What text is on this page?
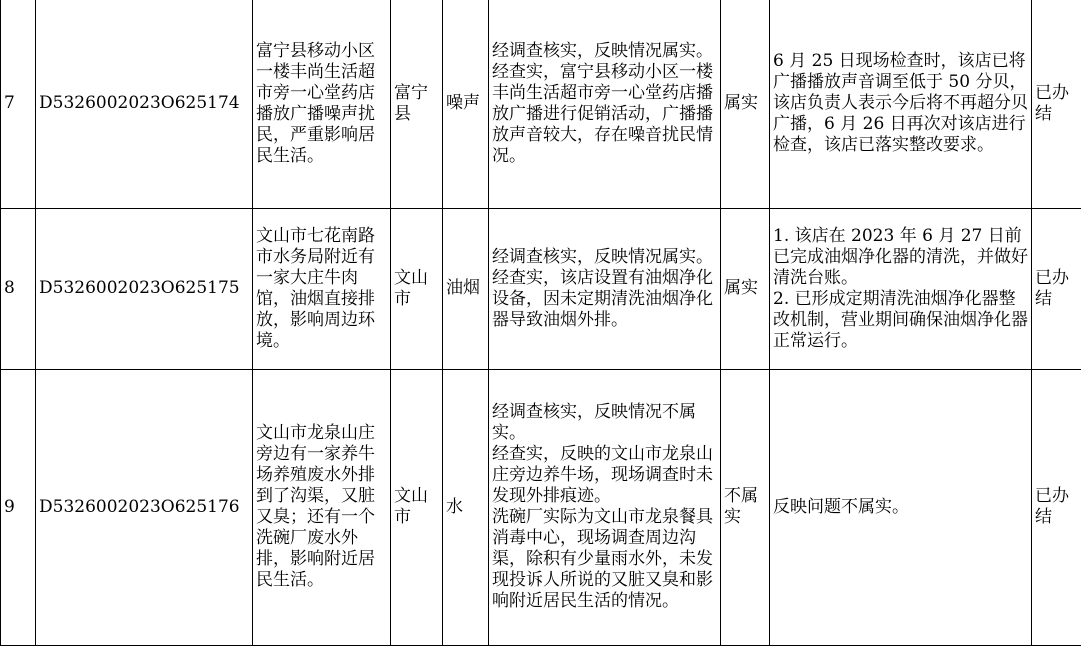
7	D5326002023O625174	富宁县移动小区一楼丰尚生活超市旁一心堂药店播放广播噪声扰民，严重影响居民生活。	富宁县	噪声	经调查核实，反映情况属实。
经查实，富宁县移动小区一楼丰尚生活超市旁一心堂药店播放广播进行促销活动，广播播放声音较大，存在噪音扰民情况。	属实	6 月 25 日现场检查时，该店已将广播播放声音调至低于 50 分贝，该店负责人表示今后将不再超分贝广播，6 月 26 日再次对该店进行检查，该店已落实整改要求。	已办结
8	D5326002023O625175	文山市七花南路市水务局附近有一家大庄牛肉馆，油烟直接排放，影响周边环境。	文山市	油烟	经调查核实，反映情况属实。
经查实，该店设置有油烟净化设备，因未定期清洗油烟净化器导致油烟外排。	属实	1. 该店在 2023 年 6 月 27 日前已完成油烟净化器的清洗，并做好清洗台账。
2. 已形成定期清洗油烟净化器整改机制，营业期间确保油烟净化器正常运行。	已办结
9	D5326002023O625176	文山市龙泉山庄旁边有一家养牛场养殖废水外排到了沟渠，又脏又臭；还有一个洗碗厂废水外排，影响附近居民生活。	文山市	水	经调查核实，反映情况不属实。
经查实，反映的文山市龙泉山庄旁边养牛场，现场调查时未发现外排痕迹。
洗碗厂实际为文山市龙泉餐具消毒中心，现场调查周边沟渠，除积有少量雨水外，未发现投诉人所说的又脏又臭和影响附近居民生活的情况。	不属实	反映问题不属实。	已办结
